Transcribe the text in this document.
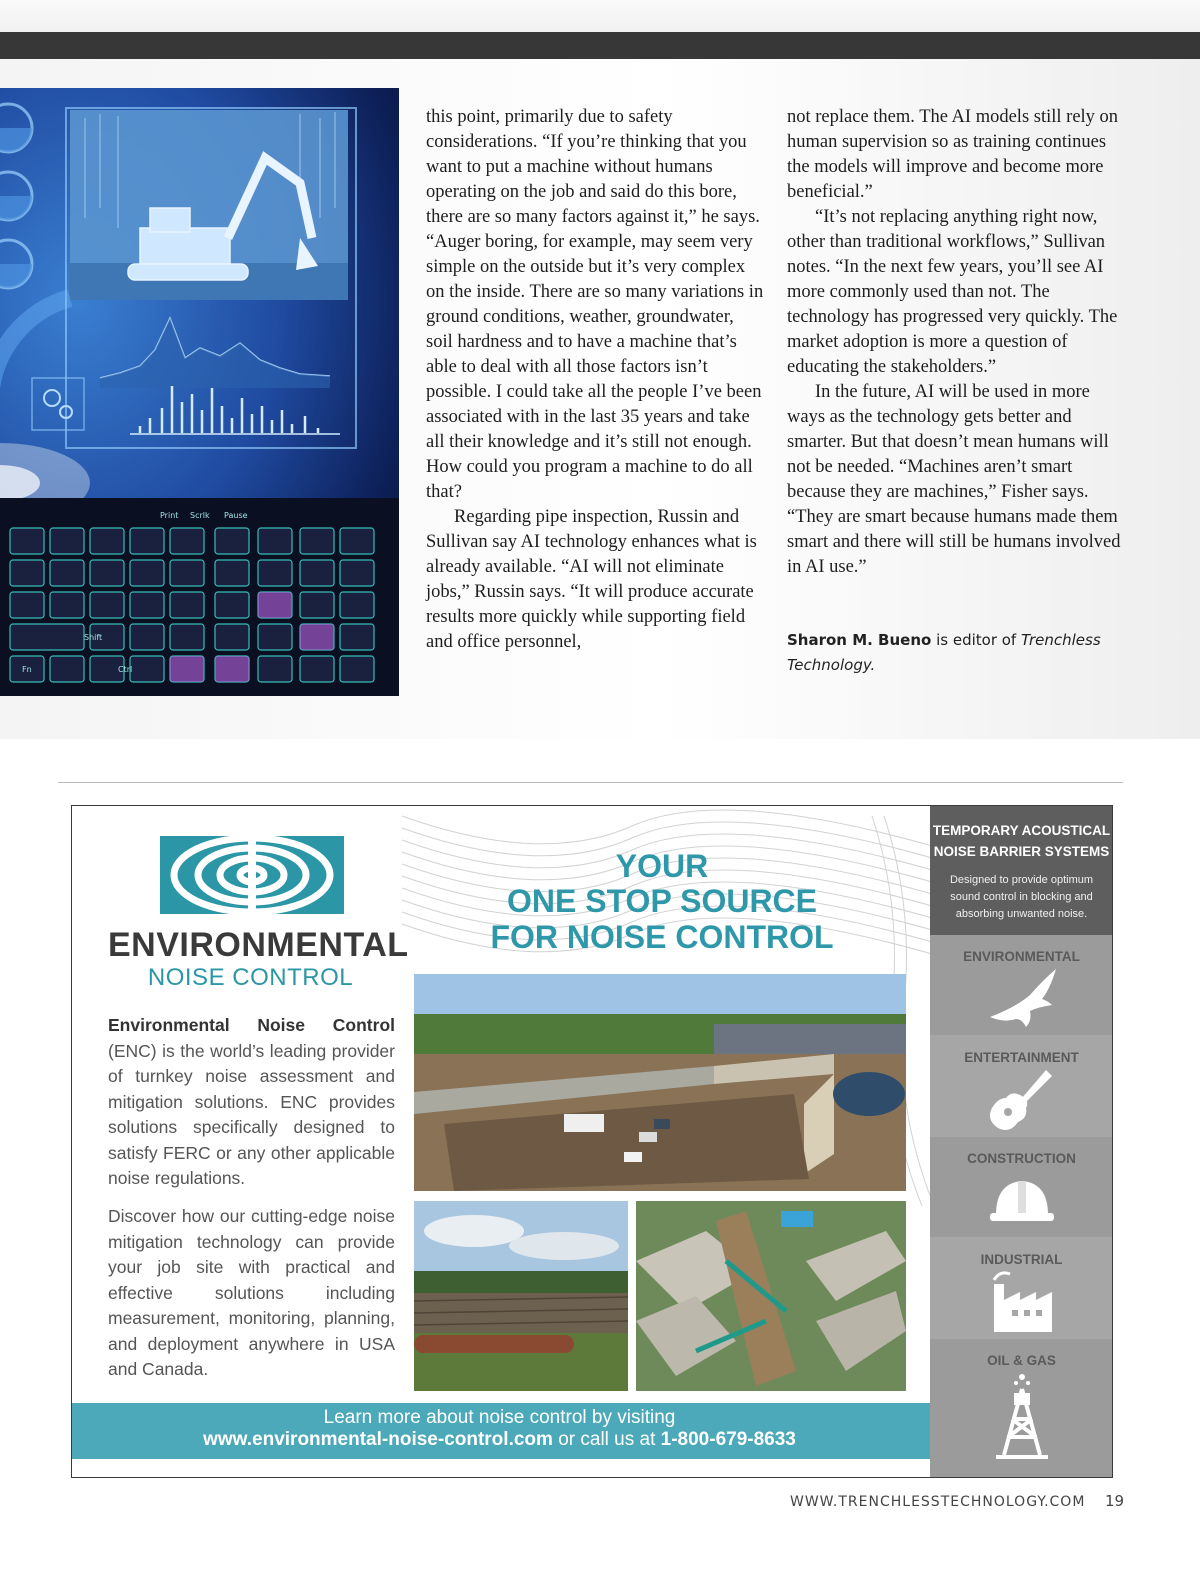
Shift
Ctrl
Fn
Pause
Print Scrlk

this point, primarily due to safety considerations. “If you’re thinking that you want to put a machine without humans operating on the job and said do this bore, there are so many factors against it,” he says. “Auger boring, for example, may seem very simple on the outside but it’s very complex on the inside. There are so many variations in ground conditions, weather, groundwater, soil hardness and to have a machine that’s able to deal with all those factors isn’t possible. I could take all the people I’ve been associated with in the last 35 years and take all their knowledge and it’s still not enough. How could you program a machine to do all that?

Regarding pipe inspection, Russin and Sullivan say AI technology enhances what is already available. “AI will not eliminate jobs,” Russin says. “It will produce accurate results more quickly while supporting field and office personnel,

not replace them. The AI models still rely on human supervision so as training continues the models will improve and become more beneficial.”

“It’s not replacing anything right now, other than traditional workflows,” Sullivan notes. “In the next few years, you’ll see AI more commonly used than not. The technology has progressed very quickly. The market adoption is more a question of educating the stakeholders.”

In the future, AI will be used in more ways as the technology gets better and smarter. But that doesn’t mean humans will not be needed. “Machines aren’t smart because they are machines,” Fisher says. “They are smart because humans made them smart and there will still be humans involved in AI use.”

Sharon M. Bueno is editor of Trenchless Technology.
ENVIRONMENTAL
NOISE CONTROL
Environmental Noise Control (ENC) is the world’s leading provider of turnkey noise assessment and mitigation solutions. ENC provides solutions specifically designed to satisfy FERC or any other applicable noise regulations.
Discover how our cutting-edge noise mitigation technology can provide your job site with practical and effective solutions including measurement, monitoring, planning, and deployment anywhere in USA and Canada.
YOUR
ONE STOP SOURCE
FOR NOISE CONTROL
Learn more about noise control by visiting
www.environmental-noise-control.com or call us at 1-800-679-8633
TEMPORARY ACOUSTICAL
NOISE BARRIER SYSTEMS
Designed to provide optimum sound control in blocking and absorbing unwanted noise.
ENVIRONMENTAL
ENTERTAINMENT
CONSTRUCTION
INDUSTRIAL
OIL & GAS
WWW.TRENCHLESSTECHNOLOGY.COM 19
